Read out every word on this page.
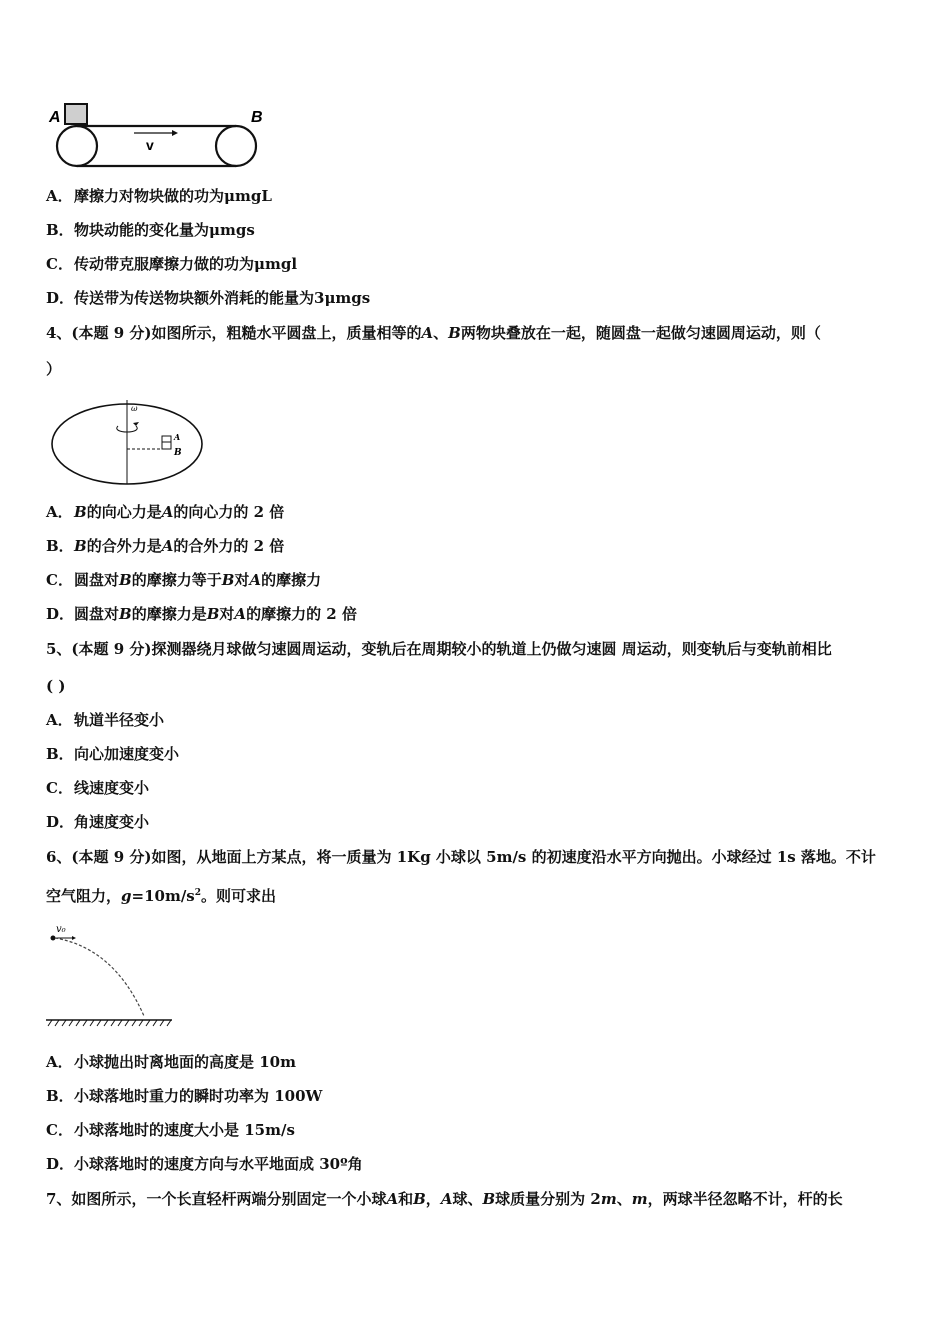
A	B
v
A．摩擦力对物块做的功为μmgL
B．物块动能的变化量为μmgs
C．传动带克服摩擦力做的功为μmgl
D．传送带为传送物块额外消耗的能量为3μmgs
4、(本题 9 分)如图所示，粗糙水平圆盘上，质量相等的A、B两物块叠放在一起，随圆盘一起做匀速圆周运动，则（
）
ω
A
B
A．B的向心力是A的向心力的 2 倍
B．B的合外力是A的合外力的 2 倍
C．圆盘对B的摩擦力等于B对A的摩擦力
D．圆盘对B的摩擦力是B对A的摩擦力的 2 倍
5、(本题 9 分)探测器绕月球做匀速圆周运动，变轨后在周期较小的轨道上仍做匀速圆 周运动，则变轨后与变轨前相比
( )
A．轨道半径变小
B．向心加速度变小
C．线速度变小
D．角速度变小
6、(本题 9 分)如图，从地面上方某点，将一质量为 1Kg 小球以 5m/s 的初速度沿水平方向抛出。小球经过 1s 落地。不计
空气阻力，$g=10m/s^2$。则可求出
v₀
A．小球抛出时离地面的高度是 10m
B．小球落地时重力的瞬时功率为 100W
C．小球落地时的速度大小是 15m/s
D．小球落地时的速度方向与水平地面成 30º角
7、如图所示，一个长直轻杆两端分别固定一个小球A和B，A球、B球质量分别为 2m、m，两球半径忽略不计，杆的长
